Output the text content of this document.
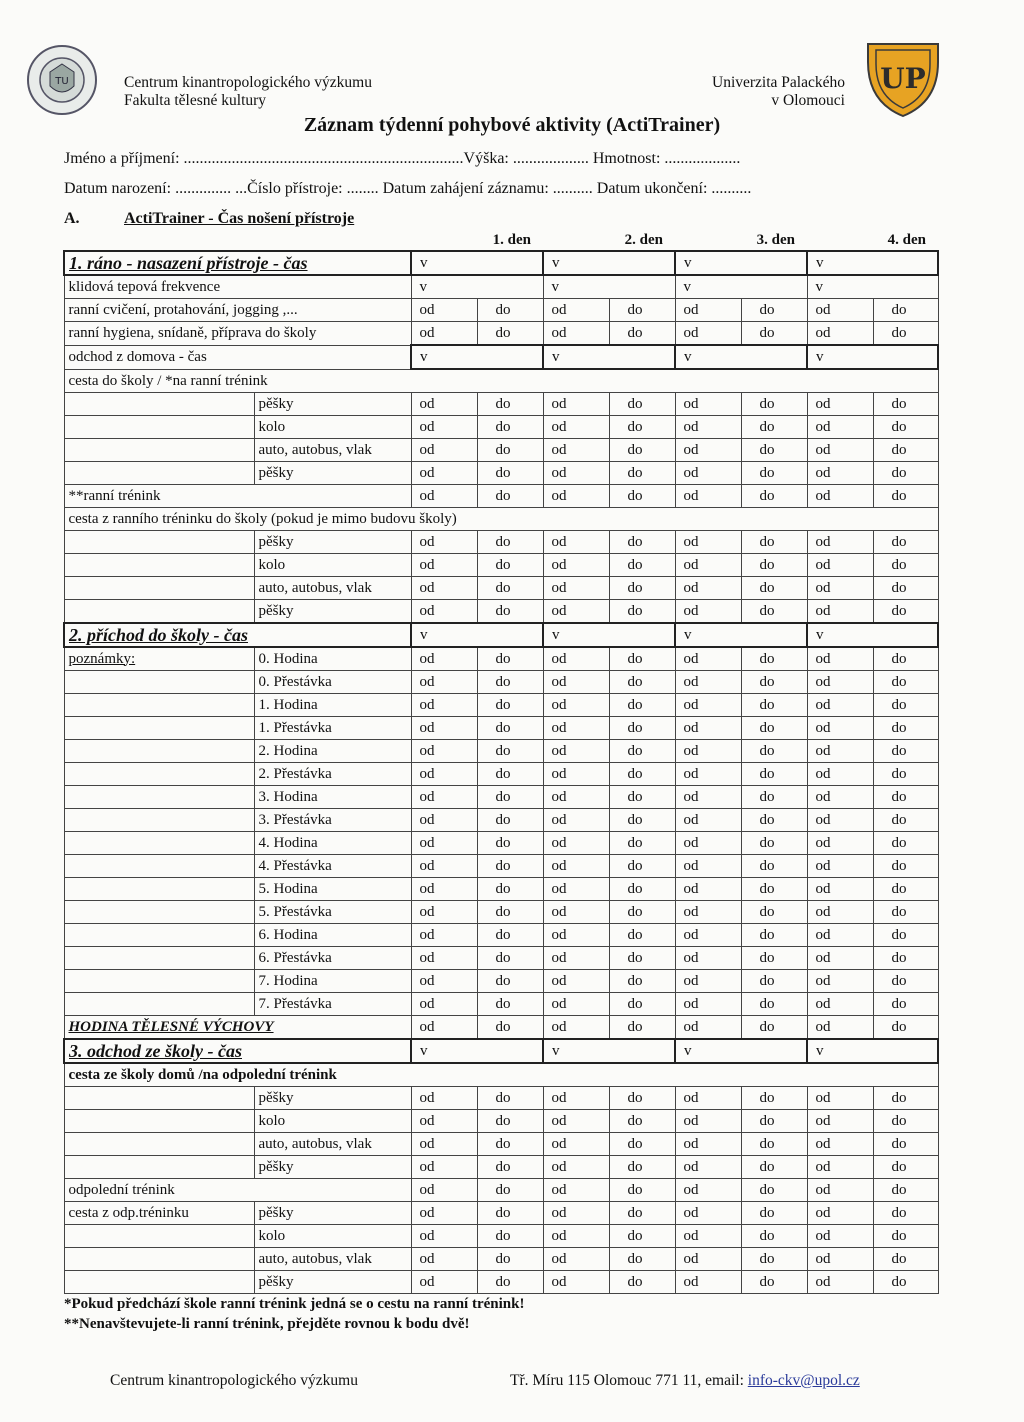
TU	UP
Centrum kinantropologického výzkumu
Fakulta tělesné kultury
Univerzita Palackého
v Olomouci
Záznam týdenní pohybové aktivity (ActiTrainer)
Jméno a příjmení: ......................................................................Výška: ................... Hmotnost: ...................
Datum narození: .............. ...Číslo přístroje: ........ Datum zahájení záznamu: .......... Datum ukončení: ..........
A.	ActiTrainer - Čas nošení přístroje
		1. den		2. den		3. den		4. den	
1. ráno - nasazení přístroje - čas		v		v		v		v	
klidová tepová frekvence		v		v		v		v	
ranní cvičení, protahování, jogging ,...		od	do	od	do	od	do	od	do
ranní hygiena, snídaně, příprava do školy		od	do	od	do	od	do	od	do
odchod z domova - čas		v		v		v		v	
cesta do školy / *na ranní trénink									
	pěšky	od	do	od	do	od	do	od	do
	kolo	od	do	od	do	od	do	od	do
	auto, autobus, vlak	od	do	od	do	od	do	od	do
	pěšky	od	do	od	do	od	do	od	do
**ranní trénink		od	do	od	do	od	do	od	do
cesta z ranního tréninku do školy (pokud je mimo budovu školy)									
	pěšky	od	do	od	do	od	do	od	do
	kolo	od	do	od	do	od	do	od	do
	auto, autobus, vlak	od	do	od	do	od	do	od	do
	pěšky	od	do	od	do	od	do	od	do
2. příchod do školy - čas		v		v		v		v	
poznámky:	0. Hodina	od	do	od	do	od	do	od	do
	0. Přestávka	od	do	od	do	od	do	od	do
	1. Hodina	od	do	od	do	od	do	od	do
	1. Přestávka	od	do	od	do	od	do	od	do
	2. Hodina	od	do	od	do	od	do	od	do
	2. Přestávka	od	do	od	do	od	do	od	do
	3. Hodina	od	do	od	do	od	do	od	do
	3. Přestávka	od	do	od	do	od	do	od	do
	4. Hodina	od	do	od	do	od	do	od	do
	4. Přestávka	od	do	od	do	od	do	od	do
	5. Hodina	od	do	od	do	od	do	od	do
	5. Přestávka	od	do	od	do	od	do	od	do
	6. Hodina	od	do	od	do	od	do	od	do
	6. Přestávka	od	do	od	do	od	do	od	do
	7. Hodina	od	do	od	do	od	do	od	do
	7. Přestávka	od	do	od	do	od	do	od	do
HODINA TĚLESNÉ VÝCHOVY		od	do	od	do	od	do	od	do
3. odchod ze školy - čas		v		v		v		v	
cesta ze školy domů /na odpolední trénink									
	pěšky	od	do	od	do	od	do	od	do
	kolo	od	do	od	do	od	do	od	do
	auto, autobus, vlak	od	do	od	do	od	do	od	do
	pěšky	od	do	od	do	od	do	od	do
odpolední trénink		od	do	od	do	od	do	od	do
cesta z odp.tréninku	pěšky	od	do	od	do	od	do	od	do
	kolo	od	do	od	do	od	do	od	do
	auto, autobus, vlak	od	do	od	do	od	do	od	do
	pěšky	od	do	od	do	od	do	od	do
*Pokud předchází škole ranní trénink jedná se o cestu na ranní trénink!
**Nenavštevujete-li ranní trénink, přejděte rovnou k bodu dvě!
Centrum kinantropologického výzkumu	Tř. Míru 115 Olomouc 771 11, email: info-ckv@upol.cz
